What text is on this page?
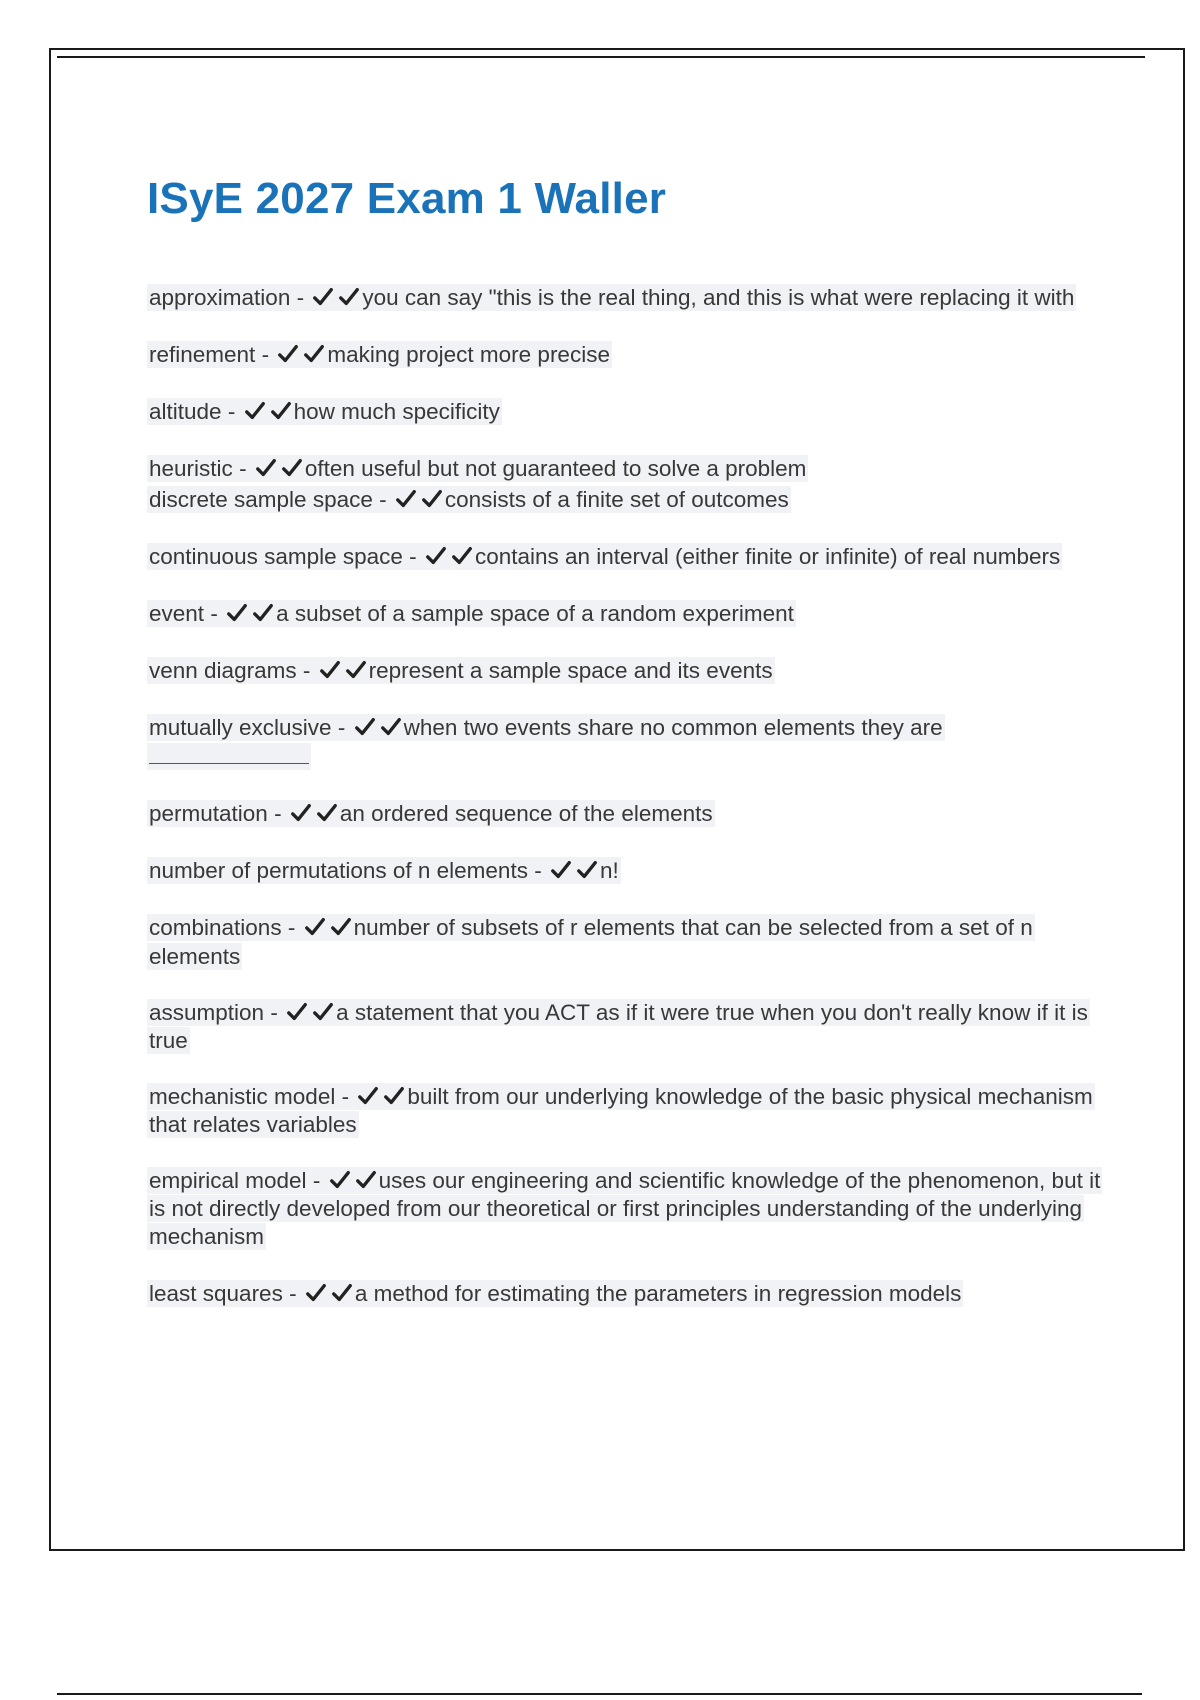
ISyE 2027 Exam 1 Waller
approximation -	you can say "this is the real thing, and this is what were replacing it with
refinement -	making project more precise
altitude -	how much specificity
heuristic -	often useful but not guaranteed to solve a problem
discrete sample space -	consists of a finite set of outcomes
continuous sample space -	contains an interval (either finite or infinite) of real numbers
event -	a subset of a sample space of a random experiment
venn diagrams -	represent a sample space and its events
mutually exclusive -	when two events share no common elements they are
permutation -	an ordered sequence of the elements
number of permutations of n elements -	n!
combinations -	number of subsets of r elements that can be selected from a set of n elements
assumption -	a statement that you ACT as if it were true when you don't really know if it is true
mechanistic model -	built from our underlying knowledge of the basic physical mechanism that relates variables
empirical model -	uses our engineering and scientific knowledge of the phenomenon, but it is not directly developed from our theoretical or first principles understanding of the underlying mechanism
least squares -	a method for estimating the parameters in regression models
